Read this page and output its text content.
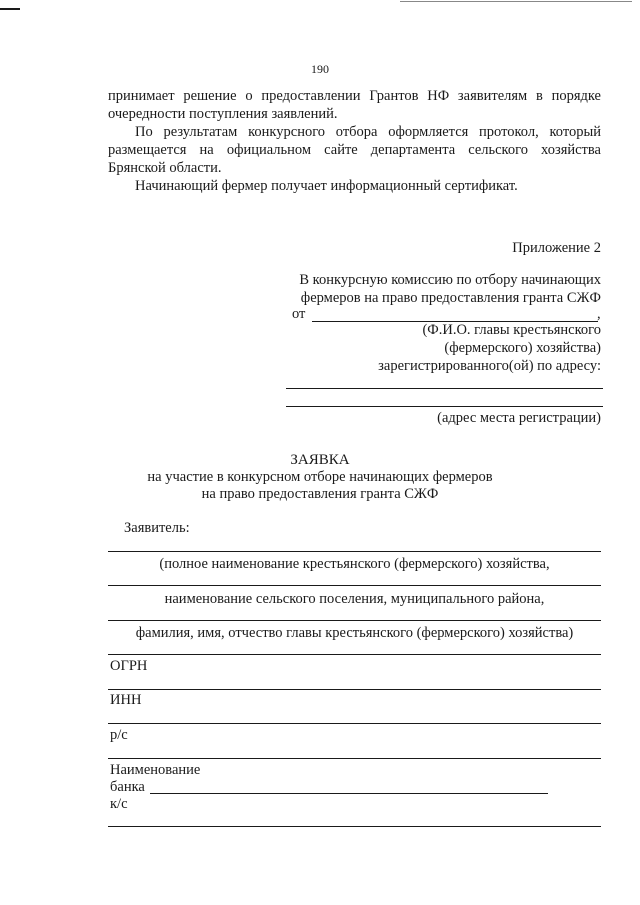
190
принимает решение о предоставлении Грантов НФ заявителям в порядке
очередности поступления заявлений.
По результатам конкурсного отбора оформляется протокол, который
размещается на официальном сайте департамента сельского хозяйства
Брянской области.
Начинающий фермер получает информационный сертификат.
Приложение 2
В конкурсную комиссию по отбору начинающих
фермеров на право предоставления гранта СЖФ
от	,
(Ф.И.О. главы крестьянского
(фермерского) хозяйства)
зарегистрированного(ой) по адресу:
(адрес места регистрации)
ЗАЯВКА
на участие в конкурсном отборе начинающих фермеров
на право предоставления гранта СЖФ
Заявитель:
(полное наименование крестьянского (фермерского) хозяйства,
наименование сельского поселения, муниципального района,
фамилия, имя, отчество главы крестьянского (фермерского) хозяйства)
ОГРН
ИНН
р/с
Наименование
банка
к/с
